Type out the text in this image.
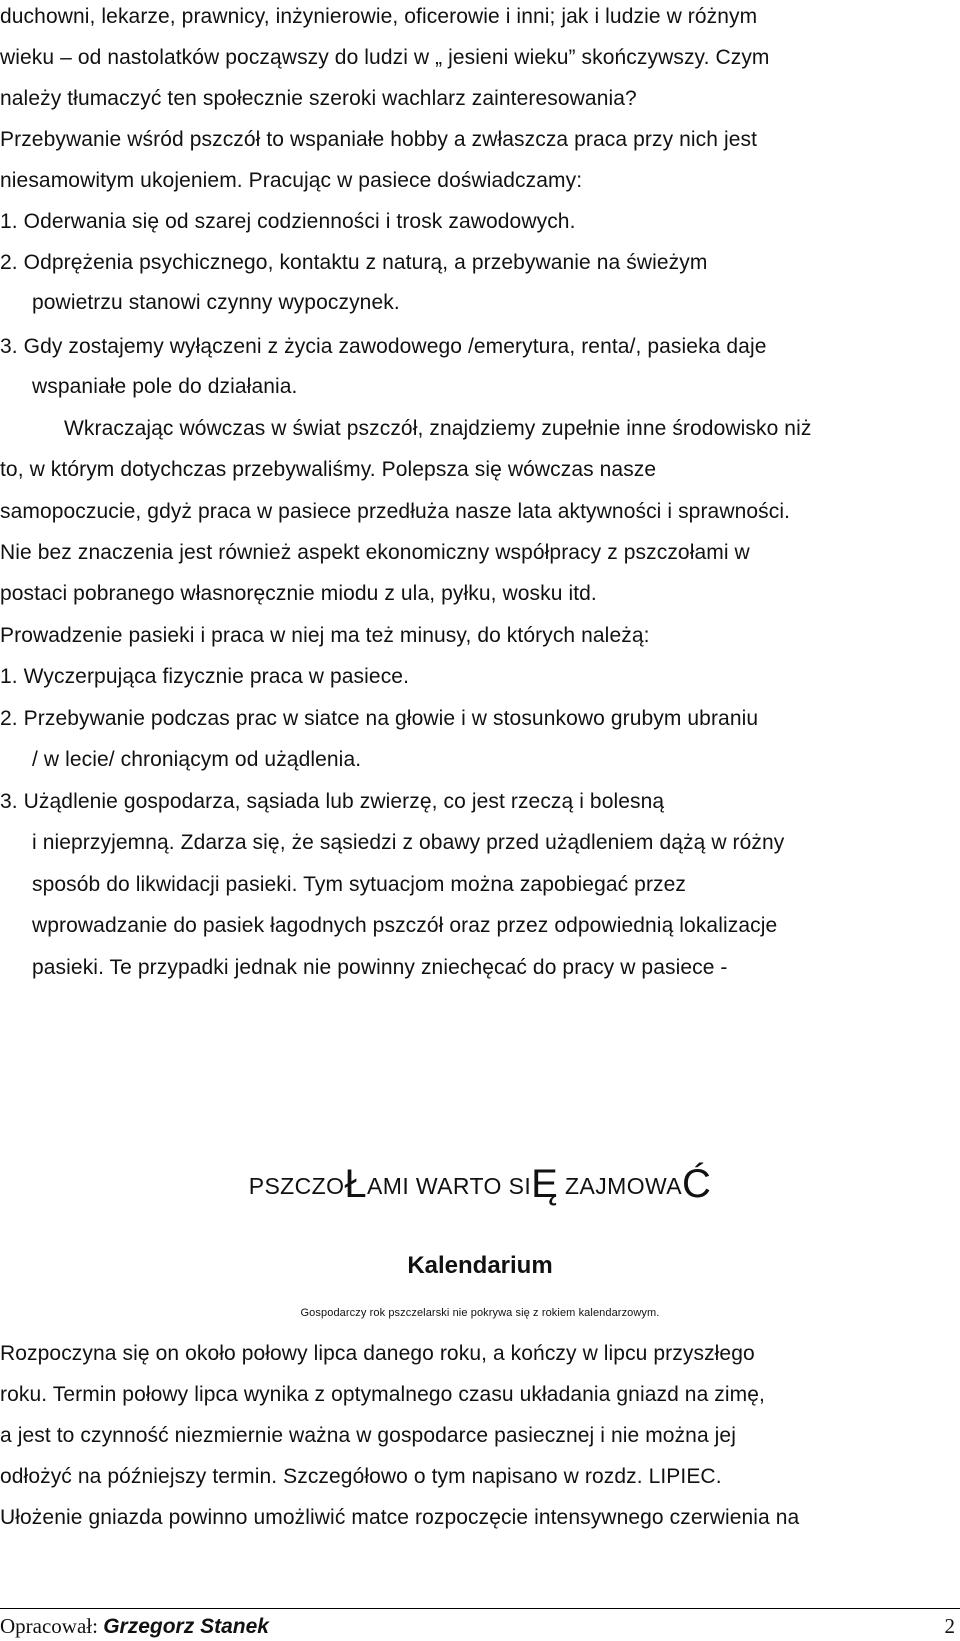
duchowni, lekarze, prawnicy, inżynierowie, oficerowie i inni; jak i ludzie w różnym
wieku – od nastolatków począwszy do ludzi w „ jesieni wieku” skończywszy. Czym
należy tłumaczyć ten społecznie szeroki wachlarz zainteresowania?
Przebywanie wśród pszczół to wspaniałe hobby a zwłaszcza praca przy nich jest
niesamowitym ukojeniem. Pracując w pasiece doświadczamy:
1. Oderwania się od szarej codzienności i trosk zawodowych.
2. Odprężenia psychicznego, kontaktu z naturą, a przebywanie na świeżym
powietrzu stanowi czynny wypoczynek.
3. Gdy zostajemy wyłączeni z życia zawodowego /emerytura, renta/, pasieka daje
wspaniałe pole do działania.
Wkraczając wówczas w świat pszczół, znajdziemy zupełnie inne środowisko niż
to, w którym dotychczas przebywaliśmy. Polepsza się wówczas nasze
samopoczucie, gdyż praca w pasiece przedłuża nasze lata aktywności i sprawności.
Nie bez znaczenia jest również aspekt ekonomiczny współpracy z pszczołami w
postaci pobranego własnoręcznie miodu z ula, pyłku, wosku itd.
Prowadzenie pasieki i praca w niej ma też minusy, do których należą:
1. Wyczerpująca fizycznie praca w pasiece.
2. Przebywanie podczas prac w siatce na głowie i w stosunkowo grubym ubraniu
/ w lecie/ chroniącym od użądlenia.
3. Użądlenie gospodarza, sąsiada lub zwierzę, co jest rzeczą i bolesną
i nieprzyjemną. Zdarza się, że sąsiedzi z obawy przed użądleniem dążą w różny
sposób do likwidacji pasieki. Tym sytuacjom można zapobiegać przez
wprowadzanie do pasiek łagodnych pszczół oraz przez odpowiednią lokalizacje
pasieki. Te przypadki jednak nie powinny zniechęcać do pracy w pasiece -
PSZCZOŁAMI WARTO SIĘ ZAJMOWAĆ
Kalendarium
Gospodarczy rok pszczelarski nie pokrywa się z rokiem kalendarzowym.
Rozpoczyna się on około połowy lipca danego roku, a kończy w lipcu przyszłego
roku. Termin połowy lipca wynika z optymalnego czasu układania gniazd na zimę,
a jest to czynność niezmiernie ważna w gospodarce pasiecznej i nie można jej
odłożyć na późniejszy termin. Szczegółowo o tym napisano w rozdz. LIPIEC.
Ułożenie gniazda powinno umożliwić matce rozpoczęcie intensywnego czerwienia na
Opracował: Grzegorz Stanek	2
